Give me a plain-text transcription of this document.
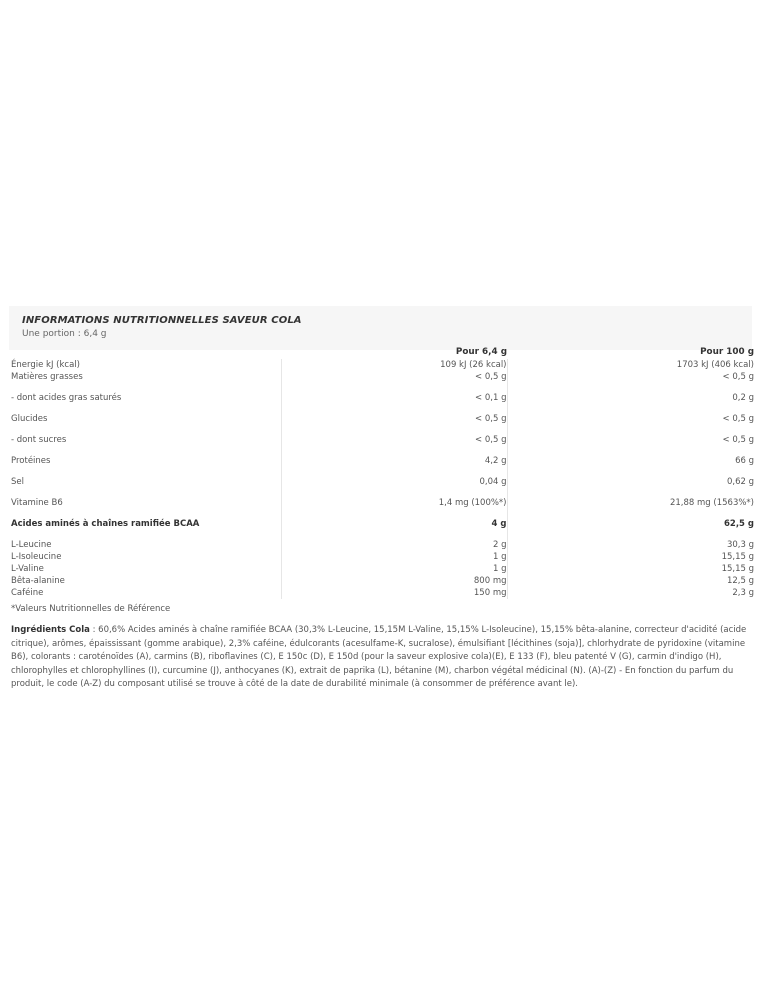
INFORMATIONS NUTRITIONNELLES SAVEUR COLA
Une portion : 6,4 g
	Pour 6,4 g	Pour 100 g
Énergie kJ (kcal)	109 kJ (26 kcal)	1703 kJ (406 kcal)
Matières grasses	< 0,5 g	< 0,5 g
- dont acides gras saturés	< 0,1 g	0,2 g
Glucides	< 0,5 g	< 0,5 g
- dont sucres	< 0,5 g	< 0,5 g
Protéines	4,2 g	66 g
Sel	0,04 g	0,62 g
Vitamine B6	1,4 mg (100%*)	21,88 mg (1563%*)
Acides aminés à chaînes ramifiée BCAA	4 g	62,5 g
L-Leucine	2 g	30,3 g
L-Isoleucine	1 g	15,15 g
L-Valine	1 g	15,15 g
Bêta-alanine	800 mg	12,5 g
Caféine	150 mg	2,3 g
*Valeurs Nutritionnelles de Référence
Ingrédients Cola : 60,6% Acides aminés à chaîne ramifiée BCAA (30,3% L-Leucine, 15,15M L-Valine, 15,15% L-Isoleucine), 15,15% bêta-alanine, correcteur d'acidité (acide citrique), arômes, épaississant (gomme arabique), 2,3% caféine, édulcorants (acesulfame-K, sucralose), émulsifiant [lécithines (soja)], chlorhydrate de pyridoxine (vitamine B6), colorants : caroténoïdes (A), carmins (B), riboflavines (C), E 150c (D), E 150d (pour la saveur explosive cola)(E), E 133 (F), bleu patenté V (G), carmin d'indigo (H), chlorophylles et chlorophyllines (I), curcumine (J), anthocyanes (K), extrait de paprika (L), bétanine (M), charbon végétal médicinal (N). (A)-(Z) - En fonction du parfum du produit, le code (A-Z) du composant utilisé se trouve à côté de la date de durabilité minimale (à consommer de préférence avant le).
